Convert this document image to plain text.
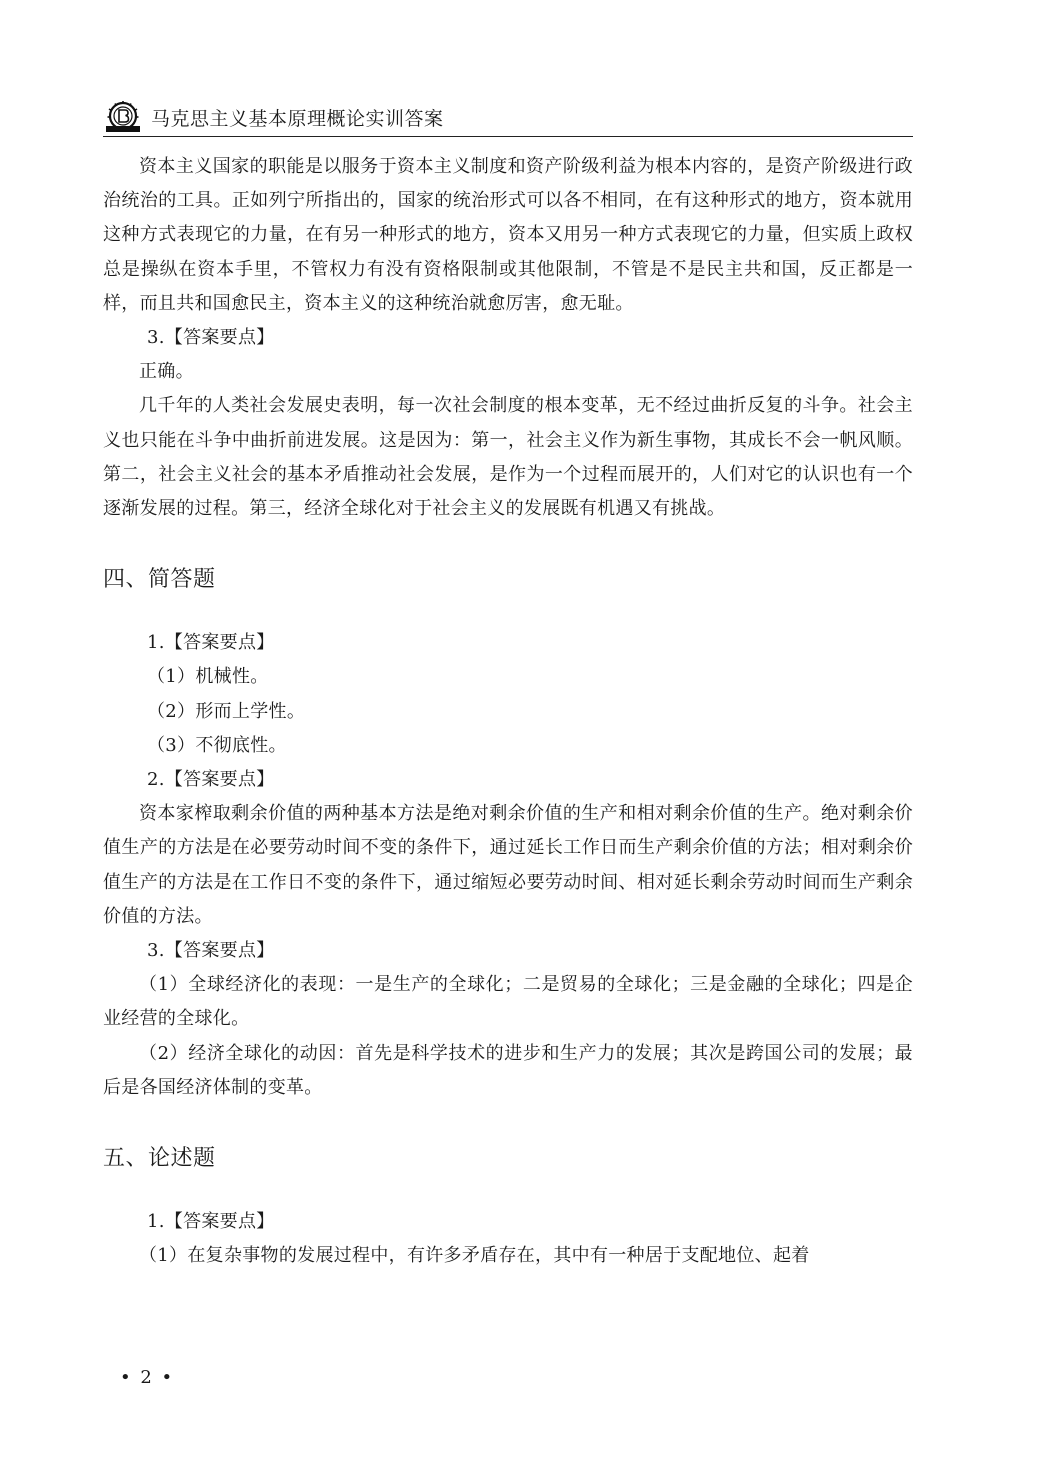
马克思主义基本原理概论实训答案

资本主义国家的职能是以服务于资本主义制度和资产阶级利益为根本内容的，是资产阶级进行政治统治的工具。正如列宁所指出的，国家的统治形式可以各不相同，在有这种形式的地方，资本就用这种方式表现它的力量，在有另一种形式的地方，资本又用另一种方式表现它的力量，但实质上政权总是操纵在资本手里，不管权力有没有资格限制或其他限制，不管是不是民主共和国，反正都是一样，而且共和国愈民主，资本主义的这种统治就愈厉害，愈无耻。

3.【答案要点】

正确。

几千年的人类社会发展史表明，每一次社会制度的根本变革，无不经过曲折反复的斗争。社会主义也只能在斗争中曲折前进发展。这是因为：第一，社会主义作为新生事物，其成长不会一帆风顺。第二，社会主义社会的基本矛盾推动社会发展，是作为一个过程而展开的，人们对它的认识也有一个逐渐发展的过程。第三，经济全球化对于社会主义的发展既有机遇又有挑战。

四、简答题

1.【答案要点】

（1）机械性。

（2）形而上学性。

（3）不彻底性。

2.【答案要点】

资本家榨取剩余价值的两种基本方法是绝对剩余价值的生产和相对剩余价值的生产。绝对剩余价值生产的方法是在必要劳动时间不变的条件下，通过延长工作日而生产剩余价值的方法；相对剩余价值生产的方法是在工作日不变的条件下，通过缩短必要劳动时间、相对延长剩余劳动时间而生产剩余价值的方法。

3.【答案要点】

（1）全球经济化的表现：一是生产的全球化；二是贸易的全球化；三是金融的全球化；四是企业经营的全球化。

（2）经济全球化的动因：首先是科学技术的进步和生产力的发展；其次是跨国公司的发展；最后是各国经济体制的变革。

五、论述题

1.【答案要点】

（1）在复杂事物的发展过程中，有许多矛盾存在，其中有一种居于支配地位、起着

• 2 •
